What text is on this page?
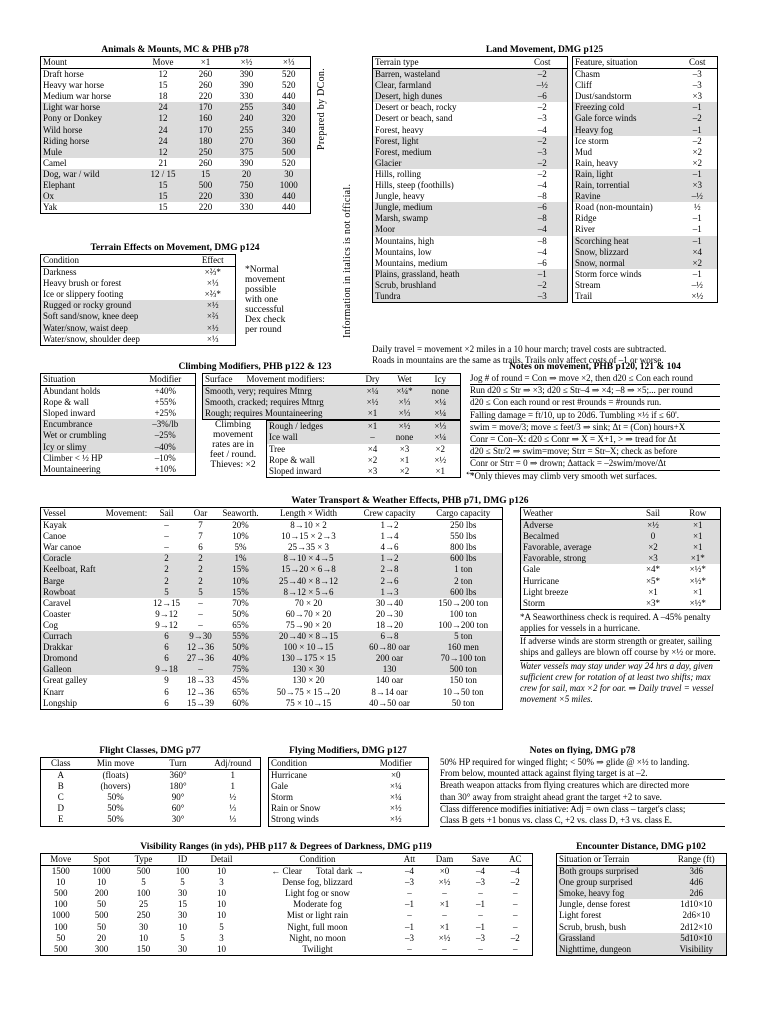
Animals & Mounts, MC & PHB p78
Mount	Move	×1	×½	×⅓
Draft horse	12	260	390	520
Heavy war horse	15	260	390	520
Medium war horse	18	220	330	440
Light war horse	24	170	255	340
Pony or Donkey	12	160	240	320
Wild horse	24	170	255	340
Riding horse	24	180	270	360
Mule	12	250	375	500
Camel	21	260	390	520
Dog, war / wild	12 / 15	15	20	30
Elephant	15	500	750	1000
Ox	15	220	330	440
Yak	15	220	330	440
Terrain Effects on Movement, DMG p124
Condition	Effect
Darkness	×⅔*
Heavy brush or forest	×⅓
Ice or slippery footing	×⅔*
Rugged or rocky ground	×½
Soft sand/snow, knee deep	×⅔
Water/snow, waist deep	×½
Water/snow, shoulder deep	×⅓
*Normal
movement
possible
with one
successful
Dex check
per round
Prepared by DCon.
Information in italics is not official.
Land Movement, DMG p125
Terrain type	Cost
Barren, wasteland	–2
Clear, farmland	–½
Desert, high dunes	–6
Desert or beach, rocky	–2
Desert or beach, sand	–3
Forest, heavy	–4
Forest, light	–2
Forest, medium	–3
Glacier	–2
Hills, rolling	–2
Hills, steep (foothills)	–4
Jungle, heavy	–8
Jungle, medium	–6
Marsh, swamp	–8
Moor	–4
Mountains, high	–8
Mountains, low	–4
Mountains, medium	–6
Plains, grassland, heath	–1
Scrub, brushland	–2
Tundra	–3
Feature, situation	Cost
Chasm	–3
Cliff	–3
Dust/sandstorm	×3
Freezing cold	–1
Gale force winds	–2
Heavy fog	–1
Ice storm	–2
Mud	×2
Rain, heavy	×2
Rain, light	–1
Rain, torrential	×3
Ravine	–½
Road (non-mountain)	½
Ridge	–1
River	–1
Scorching heat	–1
Snow, blizzard	×4
Snow, normal	×2
Storm force winds	–1
Stream	–½
Trail	×½
Daily travel = movement ×2 miles in a 10 hour march; travel costs are subtracted.
Roads in mountains are the same as trails. Trails only affect costs of –1 or worse.
Climbing Modifiers, PHB p122 & 123
Situation	Modifier
Abundant holds	+40%
Rope & wall	+55%
Sloped inward	+25%
Encumbrance	–3%/lb
Wet or crumbling	–25%
Icy or slimy	–40%
Climber < ½ HP	–10%
Mountaineering	+10%
Surface	Movement modifiers:	Dry	Wet	Icy
Smooth, very; requires Mtnrg		×¼	×¼*	none
Smooth, cracked; requires Mtnrg		×½	×⅓	×¼
Rough; requires Mountaineering		×1	×⅓	×¼
Climbing
movement
rates are in
feet / round.
Thieves: ×2
Rough / ledges	×1	×½	×⅓
Ice wall	–	none	×¼
Tree	×4	×3	×2
Rope & wall	×2	×1	×½
Sloped inward	×3	×2	×1 ←
Notes on movement, PHB p120, 121 & 104
Jog # of round = Con ⇒ move ×2, then d20 ≤ Con each round
Run d20 ≤ Str ⇒ ×3; d20 ≤ Str–4 ⇒ ×4; –8 ⇒ ×5;... per round
d20 ≤ Con each round or rest #rounds = #rounds run.
Falling damage = ft/10, up to 20d6. Tumbling ×½ if ≤ 60'.
swim = move/3; move ≤ feet/3 ⇒ sink; Δt = (Con) hours+X
Conr = Con–X: d20 ≤ Conr ⇒ X = X+1, > ⇒ tread for Δt
d20 ≤ Str/2 ⇒ swim=move; Strr = Str–X; check as before
Conr or Strr = 0 ⇒ drown; Δattack = –2swim/move/Δt
*Only thieves may climb very smooth wet surfaces.
Water Transport & Weather Effects, PHB p71, DMG p126
Vessel	Movement:	Sail	Oar	Seaworth.	Length × Width	Crew capacity	Cargo capacity
Kayak		–	7	20%	8→10 × 2	1→2	250 lbs
Canoe		–	7	10%	10→15 × 2→3	1→4	550 lbs
War canoe		–	6	5%	25→35 × 3	4→6	800 lbs
Coracle		2	2	1%	8→10 × 4→5	1→2	600 lbs
Keelboat, Raft		2	2	15%	15→20 × 6→8	2→8	1 ton
Barge		2	2	10%	25→40 × 8→12	2→6	2 ton
Rowboat		5	5	15%	8→12 × 5→6	1→3	600 lbs
Caravel		12→15	–	70%	70 × 20	30→40	150→200 ton
Coaster		9→12	–	50%	60→70 × 20	20→30	100 ton
Cog		9→12	–	65%	75→90 × 20	18→20	100→200 ton
Currach		6	9→30	55%	20→40 × 8→15	6→8	5 ton
Drakkar		6	12→36	50%	100 × 10→15	60→80 oar	160 men
Dromond		6	27→36	40%	130→175 × 15	200 oar	70→100 ton
Galleon		9→18	–	75%	130 × 30	130	500 ton
Great galley		9	18→33	45%	130 × 20	140 oar	150 ton
Knarr		6	12→36	65%	50→75 × 15→20	8→14 oar	10→50 ton
Longship		6	15→39	60%	75 × 10→15	40→50 oar	50 ton
Weather	Sail	Row
Adverse	×½	×1
Becalmed	0	×1
Favorable, average	×2	×1
Favorable, strong	×3	×1*
Gale	×4*	×½*
Hurricane	×5*	×½*
Light breeze	×1	×1
Storm	×3*	×½*
*A Seaworthiness check is required. A –45% penalty applies for vessels in a hurricane.
If adverse winds are storm strength or greater, sailing ships and galleys are blown off course by ×½ or more.
Water vessels may stay under way 24 hrs a day, given sufficient crew for rotation of at least two shifts; max crew for sail, max ×2 for oar. ⇒ Daily travel = vessel movement ×5 miles.
Flight Classes, DMG p77
Class	Min move	Turn	Adj/round
A	(floats)	360°	1
B	(hovers)	180°	1
C	50%	90°	½
D	50%	60°	⅓
E	50%	30°	⅓
Flying Modifiers, DMG p127
Condition	Modifier
Hurricane	×0
Gale	×¼
Storm	×¼
Rain or Snow	×½
Strong winds	×½
Notes on flying, DMG p78
50% HP required for winged flight; < 50% ⇒ glide @ ×½ to landing.
From below, mounted attack against flying target is at –2.
Breath weapon attacks from flying creatures which are directed more
than 30° away from straight ahead grant the target +2 to save.
Class difference modifies initiative: Adj = own class – target's class;
Class B gets +1 bonus vs. class C, +2 vs. class D, +3 vs. class E.
Visibility Ranges (in yds), PHB p117 & Degrees of Darkness, DMG p119
Move	Spot	Type	ID	Detail	Condition	Att	Dam	Save	AC
1500	1000	500	100	10	← Clear Total dark →	–4	×0	–4	–4
10	10	5	5	3	Dense fog, blizzard	–3	×½	–3	–2
500	200	100	30	10	Light fog or snow	–	–	–	–
100	50	25	15	10	Moderate fog	–1	×1	–1	–
1000	500	250	30	10	Mist or light rain	–	–	–	–
100	50	30	10	5	Night, full moon	–1	×1	–1	–
50	20	10	5	3	Night, no moon	–3	×½	–3	–2
500	300	150	30	10	Twilight	–	–	–	–
Encounter Distance, DMG p102
Situation or Terrain	Range (ft)
Both groups surprised	3d6
One group surprised	4d6
Smoke, heavy fog	2d6
Jungle, dense forest	1d10×10
Light forest	2d6×10
Scrub, brush, bush	2d12×10
Grassland	5d10×10
Nighttime, dungeon	Visibility
